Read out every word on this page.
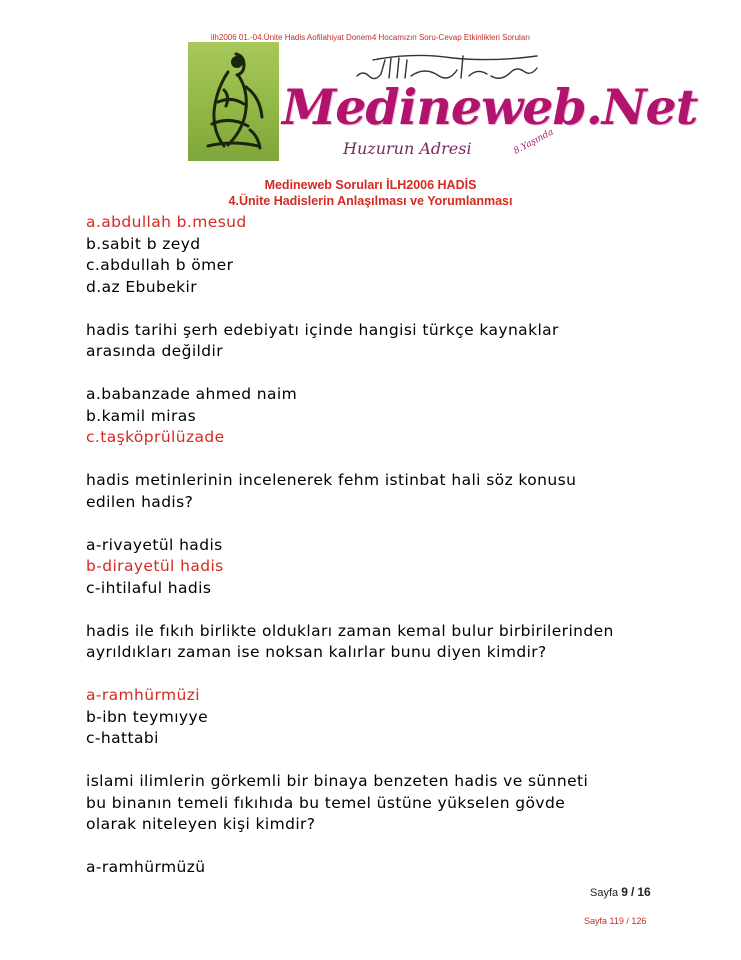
ilh2006 01.-04.Ünite Hadis Aofilahiyat Donem4 Hocamızın Soru-Cevap Etkinlikleri Soruları
Medineweb.Net
Huzurun Adresi	8.Yaşında
Medineweb Soruları İLH2006 HADİS
4.Ünite Hadislerin Anlaşılması ve Yorumlanması
a.abdullah b.mesud
b.sabit b zeyd
c.abdullah b ömer
d.az Ebubekir
hadis tarihi şerh edebiyatı içinde hangisi türkçe kaynaklar
arasında değildir
a.babanzade ahmed naim
b.kamil miras
c.taşköprülüzade
hadis metinlerinin incelenerek fehm istinbat hali söz konusu
edilen hadis?
a-rivayetül hadis
b-dirayetül hadis
c-ihtilaful hadis
hadis ile fıkıh birlikte oldukları zaman kemal bulur birbirilerinden
ayrıldıkları zaman ise noksan kalırlar bunu diyen kimdir?
a-ramhürmüzi
b-ibn teymıyye
c-hattabi
islami ilimlerin görkemli bir binaya benzeten hadis ve sünneti
bu binanın temeli fıkıhıda bu temel üstüne yükselen gövde
olarak niteleyen kişi kimdir?
a-ramhürmüzü
Sayfa 9 / 16
Sayfa 119 / 126
